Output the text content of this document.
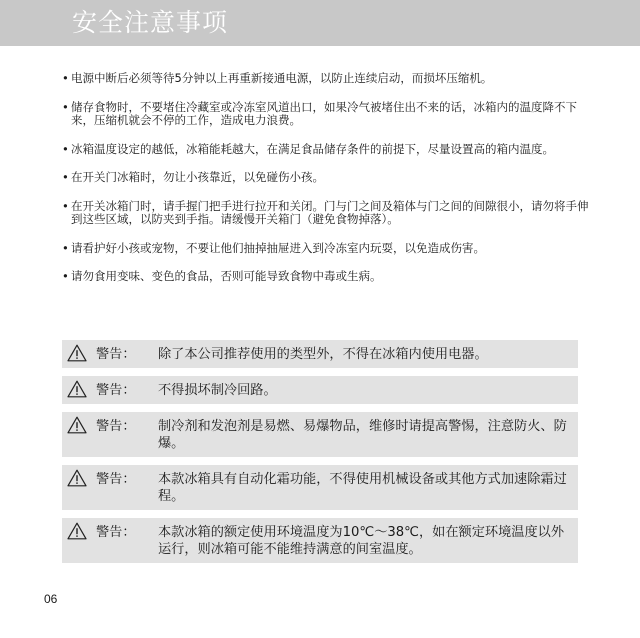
安全注意事项
• 电源中断后必须等待5分钟以上再重新接通电源，以防止连续启动，而损坏压缩机。
• 储存食物时，不要堵住冷藏室或冷冻室风道出口，如果冷气被堵住出不来的话，冰箱内的温度降不下来，压缩机就会不停的工作，造成电力浪费。
• 冰箱温度设定的越低，冰箱能耗越大，在满足食品储存条件的前提下，尽量设置高的箱内温度。
• 在开关门冰箱时，勿让小孩靠近，以免碰伤小孩。
• 在开关冰箱门时，请手握门把手进行拉开和关闭。门与门之间及箱体与门之间的间隙很小，请勿将手伸到这些区域，以防夹到手指。请缓慢开关箱门（避免食物掉落）。
• 请看护好小孩或宠物，不要让他们抽掉抽屉进入到冷冻室内玩耍，以免造成伤害。
• 请勿食用变味、变色的食品，否则可能导致食物中毒或生病。
警告： 除了本公司推荐使用的类型外，不得在冰箱内使用电器。
警告： 不得损坏制冷回路。
警告： 制冷剂和发泡剂是易燃、易爆物品，维修时请提高警惕，注意防火、防爆。
警告： 本款冰箱具有自动化霜功能，不得使用机械设备或其他方式加速除霜过程。
警告： 本款冰箱的额定使用环境温度为10℃～38℃，如在额定环境温度以外运行，则冰箱可能不能维持满意的间室温度。
06
